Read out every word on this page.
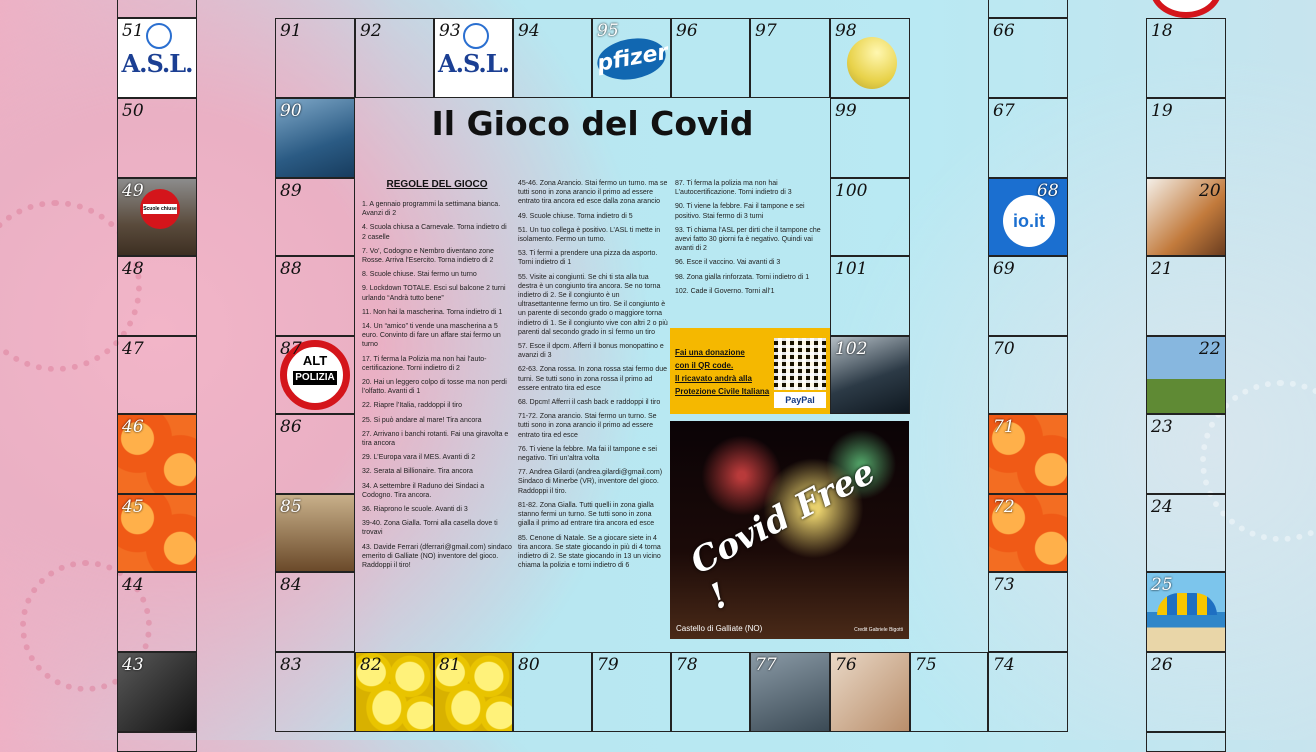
A.S.L.
51
50
Scuole chiuse
49
48
47
46
45
44
43
91	92
A.S.L.
93	94
pfizer
95	96	97	98
90
89
88
ALT
POLIZIA
87
86
85
84
83	82	81	80	79	78	77	76	75
99
100
101
102
66
67
io.it
68
69
70
71
72
73
74
18
19
20
21
22
23
24
25
26
Il Gioco del Covid
REGOLE DEL GIOCO

1. A gennaio programmi la settimana bianca. Avanzi di 2

4. Scuola chiusa a Carnevale. Torna indietro di 2 caselle

7. Vo’, Codogno e Nembro diventano zone Rosse. Arriva l’Esercito. Torna indietro di 2

8. Scuole chiuse. Stai fermo un turno

9. Lockdown TOTALE. Esci sul balcone 2 turni urlando “Andrà tutto bene”

11. Non hai la mascherina. Torna indietro di 1

14. Un “amico” ti vende una mascherina a 5 euro. Convinto di fare un affare stai fermo un turno

17. Ti ferma la Polizia ma non hai l’auto-certificazione. Torni indietro di 2

20. Hai un leggero colpo di tosse ma non perdi l’olfatto. Avanti di 1

22. Riapre l’Italia, raddoppi il tiro

25. Si può andare al mare! Tira ancora

27. Arrivano i banchi rotanti. Fai una giravolta e tira ancora

29. L’Europa vara il MES. Avanti di 2

32. Serata al Billionaire. Tira ancora

34. A settembre il Raduno dei Sindaci a Codogno. Tira ancora.

36. Riaprono le scuole. Avanti di 3

39-40. Zona Gialla. Torni alla casella dove ti trovavi

43. Davide Ferrari (dferrari@gmail.com) sindaco emerito di Galliate (NO) inventore del gioco. Raddoppi il tiro!

45-46. Zona Arancio. Stai fermo un turno. ma se tutti sono in zona arancio il primo ad essere entrato tira ancora ed esce dalla zona arancio

49. Scuole chiuse. Torna indietro di 5

51. Un tuo collega è positivo. L’ASL ti mette in isolamento. Fermo un turno.

53. Ti fermi a prendere una pizza da asporto. Torni indietro di 1

55. Visite ai congiunti. Se chi ti sta alla tua destra è un congiunto tira ancora. Se no torna indietro di 2. Se il congiunto è un ultrasettantenne fermo un tiro. Se il congiunto è un parente di secondo grado o maggiore torna indietro di 1. Se il congiunto vive con altri 2 o più parenti dal secondo grado in sì fermo un tiro

57. Esce il dpcm. Afferri il bonus monopattino e avanzi di 3

62-63. Zona rossa. In zona rossa stai fermo due turni. Se tutti sono in zona rossa il primo ad essere entrato tira ed esce

68. Dpcm! Afferri il cash back e raddoppi il tiro

71-72. Zona arancio. Stai fermo un turno. Se tutti sono in zona arancio il primo ad essere entrato tira ed esce

76. Ti viene la febbre. Ma fai il tampone e sei negativo. Tiri un’altra volta

77. Andrea Gilardi (andrea.gilardi@gmail.com) Sindaco di Minerbe (VR), inventore del gioco. Raddoppi il tiro.

81-82. Zona Gialla. Tutti quelli in zona gialla stanno fermi un turno. Se tutti sono in zona gialla il primo ad entrare tira ancora ed esce

85. Cenone di Natale. Se a giocare siete in 4 tira ancora. Se state giocando in più di 4 torna indietro di 2. Se state giocando in 13 un vicino chiama la polizia e torni indietro di 6

87. Ti ferma la polizia ma non hai L’autocertificazione. Torni indietro di 3

90. Ti viene la febbre. Fai il tampone e sei positivo. Stai fermo di 3 turni

93. Ti chiama l’ASL per dirti che il tampone che avevi fatto 30 giorni fa è negativo. Quindi vai avanti di 2

96. Esce il vaccino. Vai avanti di 3

98. Zona gialla rinforzata. Torni indietro di 1

102. Cade il Governo. Torni all’1

Fai una donazione
con il QR code.
Il ricavato andrà alla
Protezione Civile Italiana
PayPal
Covid Free !
Castello di Galliate (NO)	Credit Gabriele Bigotti
